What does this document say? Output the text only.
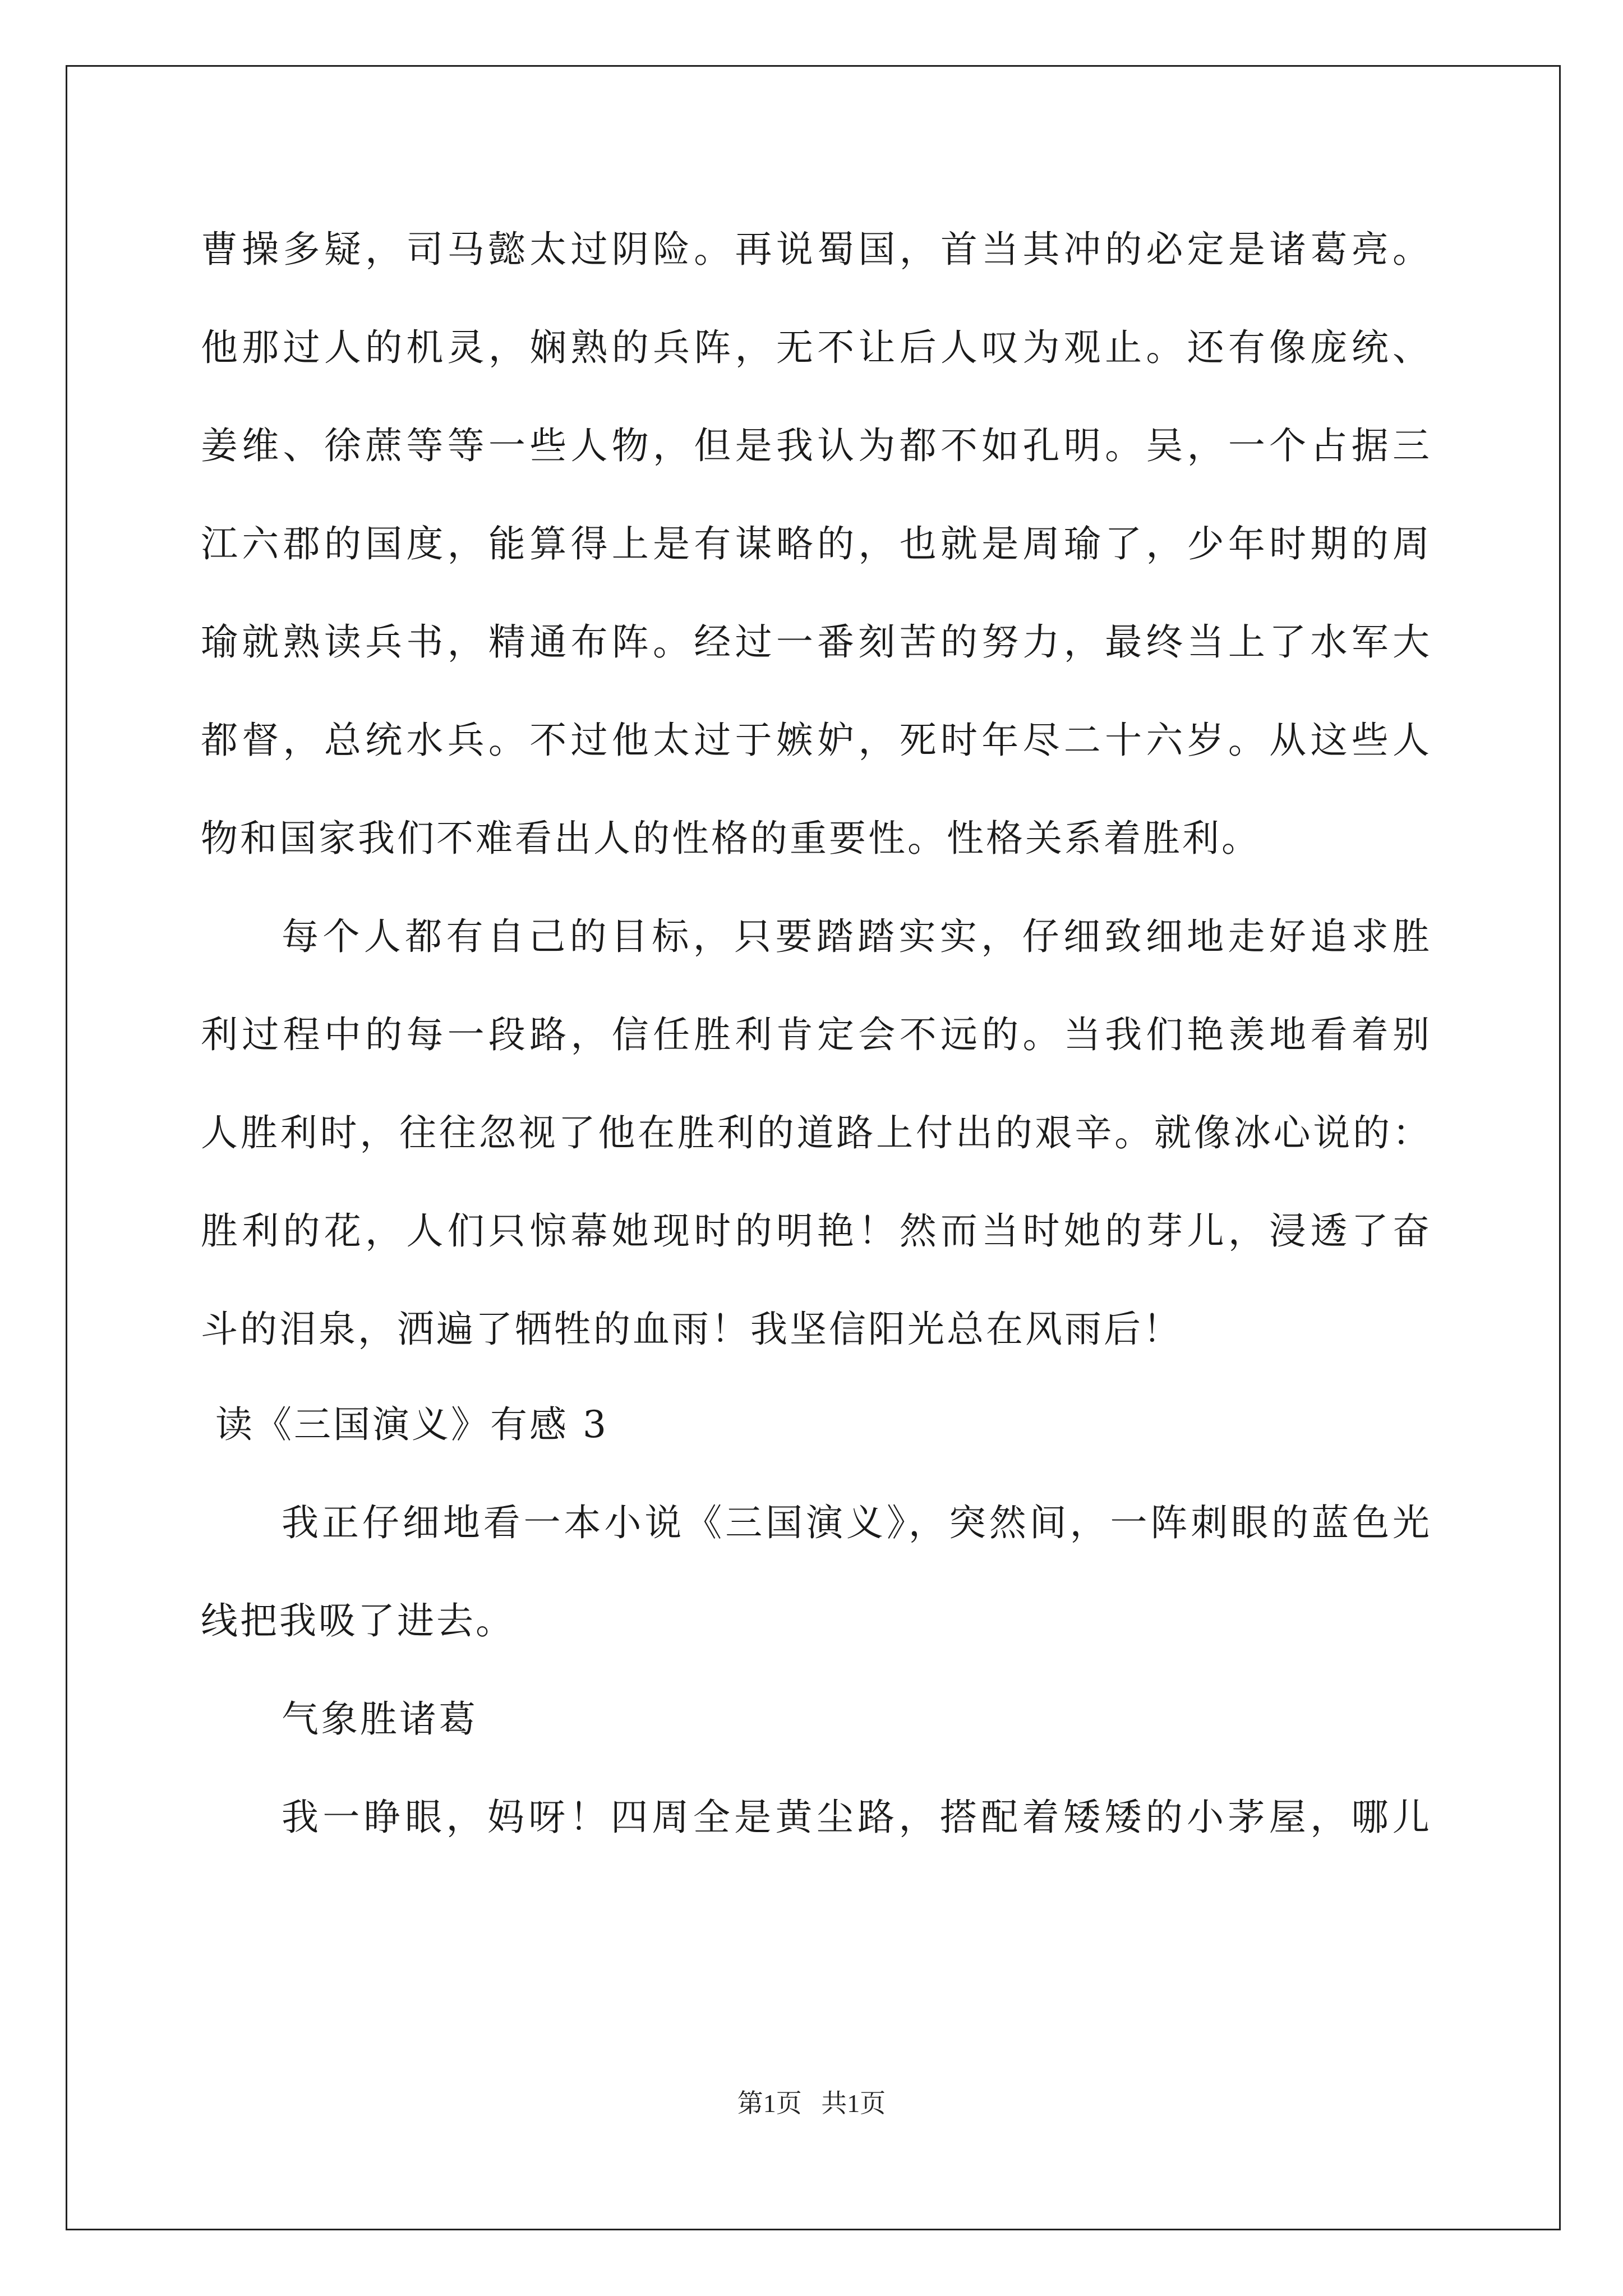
曹操多疑，司马懿太过阴险。再说蜀国，首当其冲的必定是诸葛亮。
他那过人的机灵，娴熟的兵阵，无不让后人叹为观止。还有像庞统、
姜维、徐蔗等等一些人物，但是我认为都不如孔明。吴，一个占据三
江六郡的国度，能算得上是有谋略的，也就是周瑜了，少年时期的周
瑜就熟读兵书，精通布阵。经过一番刻苦的努力，最终当上了水军大
都督，总统水兵。不过他太过于嫉妒，死时年尽二十六岁。从这些人
物和国家我们不难看出人的性格的重要性。性格关系着胜利。
每个人都有自己的目标，只要踏踏实实，仔细致细地走好追求胜
利过程中的每一段路，信任胜利肯定会不远的。当我们艳羡地看着别
人胜利时，往往忽视了他在胜利的道路上付出的艰辛。就像冰心说的：
胜利的花，人们只惊幕她现时的明艳！然而当时她的芽儿，浸透了奋
斗的泪泉，洒遍了牺牲的血雨！我坚信阳光总在风雨后！
读《三国演义》有感 3
我正仔细地看一本小说《三国演义》，突然间，一阵刺眼的蓝色光
线把我吸了进去。
气象胜诸葛
我一睁眼，妈呀！四周全是黄尘路，搭配着矮矮的小茅屋，哪儿
第1页   共1页
